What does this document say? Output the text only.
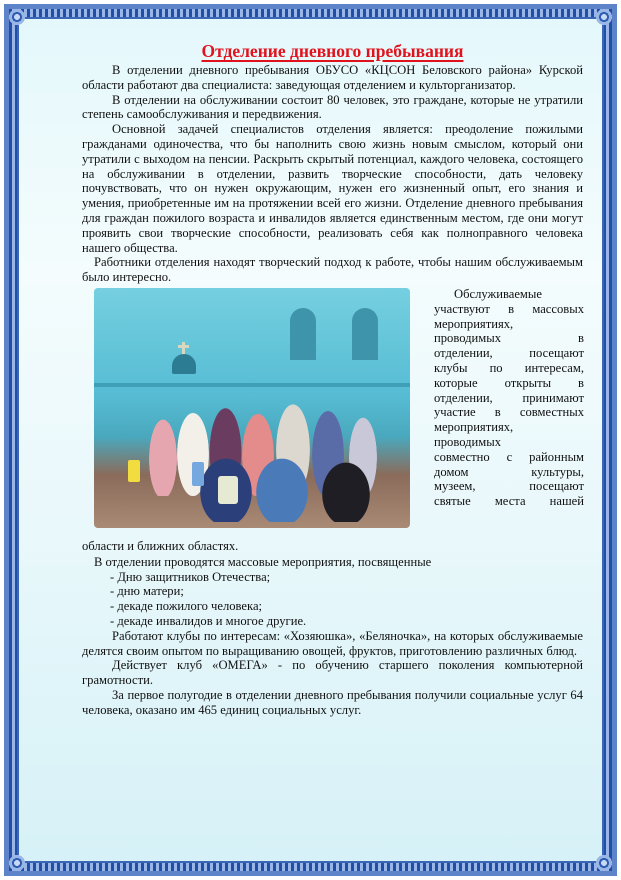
Отделение дневного пребывания

В отделении дневного пребывания ОБУСО «КЦСОН Беловского района» Курской области работают два специалиста: заведующая отделением и культорганизатор.

В отделении на обслуживании состоит 80 человек, это граждане, которые не утратили степень самообслуживания и передвижения.

Основной задачей специалистов отделения является: преодоление пожилыми гражданами одиночества, что бы наполнить свою жизнь новым смыслом, который они утратили с выходом на пенсии. Раскрыть скрытый потенциал, каждого человека, состоящего на обслуживании в отделении, развить творческие способности, дать человеку почувствовать, что он нужен окружающим, нужен его жизненный опыт, его знания и умения, приобретенные им на протяжении всей его жизни. Отделение дневного пребывания для граждан пожилого возраста и инвалидов является единственным местом, где они могут проявить свои творческие способности, реализовать себя как полноправного человека нашего общества.

Работники отделения находят творческий подход к работе, чтобы нашим обслуживаемым было интересно.

Обслуживаемые
участвуют в массовых
мероприятиях,
проводимых в
отделении, посещают
клубы по интересам,
которые открыты в
отделении, принимают
участие в совместных
мероприятиях,
проводимых
совместно с районным
домом культуры,
музеем, посещают
святые места нашей

области и ближних областях.

В отделении проводятся массовые мероприятия, посвященные

- Дню защитников Отечества;

- дню матери;

- декаде пожилого человека;

- декаде инвалидов и многое другие.

Работают клубы по интересам: «Хозяюшка», «Беляночка», на которых обслуживаемые делятся своим опытом по выращиванию овощей, фруктов, приготовлению различных блюд.

Действует клуб «ОМЕГА» - по обучению старшего поколения компьютерной грамотности.

За первое полугодие в отделении дневного пребывания получили социальные услуг 64 человека, оказано им 465 единиц социальных услуг.
